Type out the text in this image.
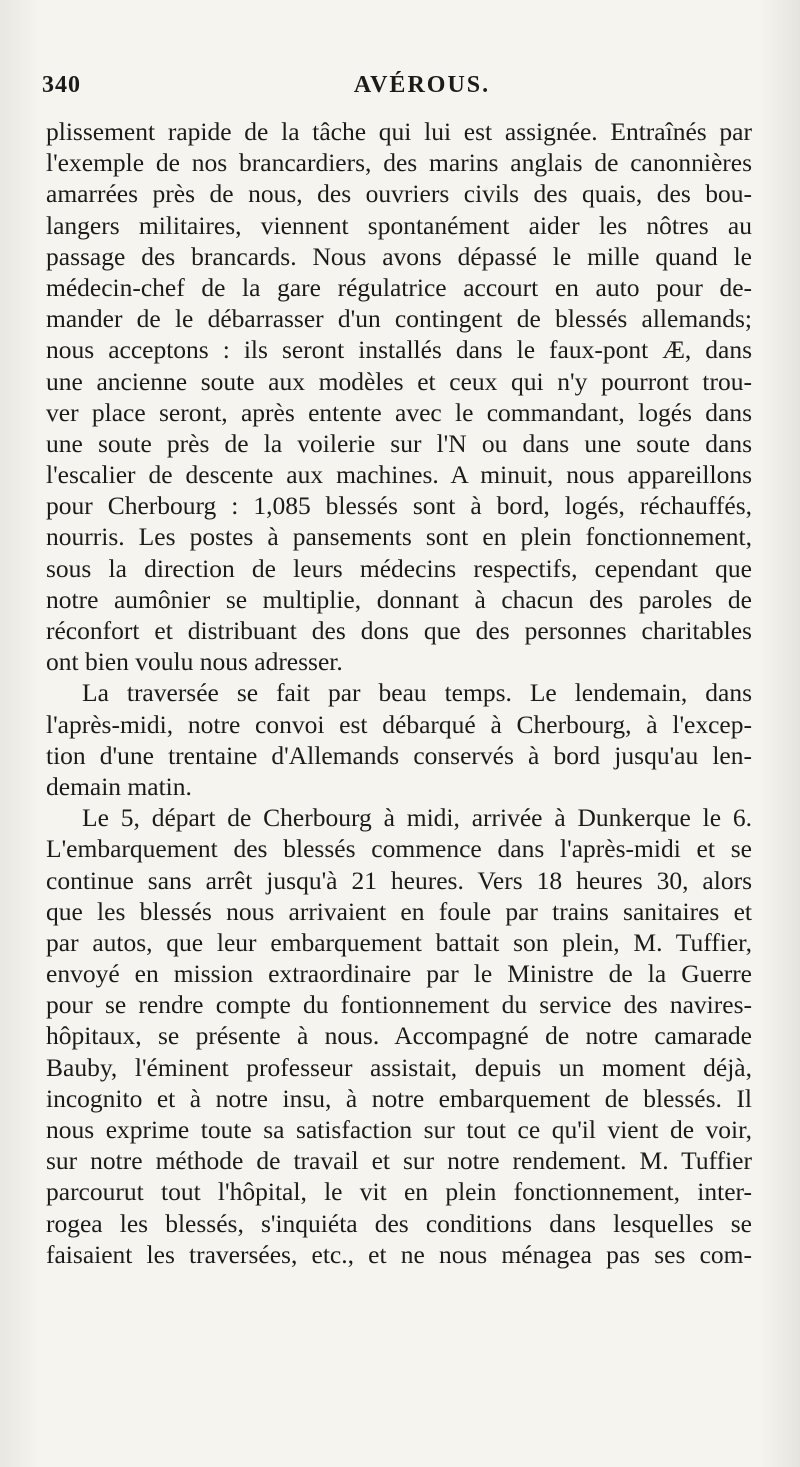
340	AVÉROUS.
plissement rapide de la tâche qui lui est assignée. Entraînés par
l'exemple de nos brancardiers, des marins anglais de canonnières
amarrées près de nous, des ouvriers civils des quais, des bou-
langers militaires, viennent spontanément aider les nôtres au
passage des brancards. Nous avons dépassé le mille quand le
médecin-chef de la gare régulatrice accourt en auto pour de-
mander de le débarrasser d'un contingent de blessés allemands;
nous acceptons : ils seront installés dans le faux-pont Æ, dans
une ancienne soute aux modèles et ceux qui n'y pourront trou-
ver place seront, après entente avec le commandant, logés dans
une soute près de la voilerie sur l'N ou dans une soute dans
l'escalier de descente aux machines. A minuit, nous appareillons
pour Cherbourg : 1,085 blessés sont à bord, logés, réchauffés,
nourris. Les postes à pansements sont en plein fonctionnement,
sous la direction de leurs médecins respectifs, cependant que
notre aumônier se multiplie, donnant à chacun des paroles de
réconfort et distribuant des dons que des personnes charitables
ont bien voulu nous adresser.
La traversée se fait par beau temps. Le lendemain, dans
l'après-midi, notre convoi est débarqué à Cherbourg, à l'excep-
tion d'une trentaine d'Allemands conservés à bord jusqu'au len-
demain matin.
Le 5, départ de Cherbourg à midi, arrivée à Dunkerque le 6.
L'embarquement des blessés commence dans l'après-midi et se
continue sans arrêt jusqu'à 21 heures. Vers 18 heures 30, alors
que les blessés nous arrivaient en foule par trains sanitaires et
par autos, que leur embarquement battait son plein, M. Tuffier,
envoyé en mission extraordinaire par le Ministre de la Guerre
pour se rendre compte du fontionnement du service des navires-
hôpitaux, se présente à nous. Accompagné de notre camarade
Bauby, l'éminent professeur assistait, depuis un moment déjà,
incognito et à notre insu, à notre embarquement de blessés. Il
nous exprime toute sa satisfaction sur tout ce qu'il vient de voir,
sur notre méthode de travail et sur notre rendement. M. Tuffier
parcourut tout l'hôpital, le vit en plein fonctionnement, inter-
rogea les blessés, s'inquiéta des conditions dans lesquelles se
faisaient les traversées, etc., et ne nous ménagea pas ses com-
